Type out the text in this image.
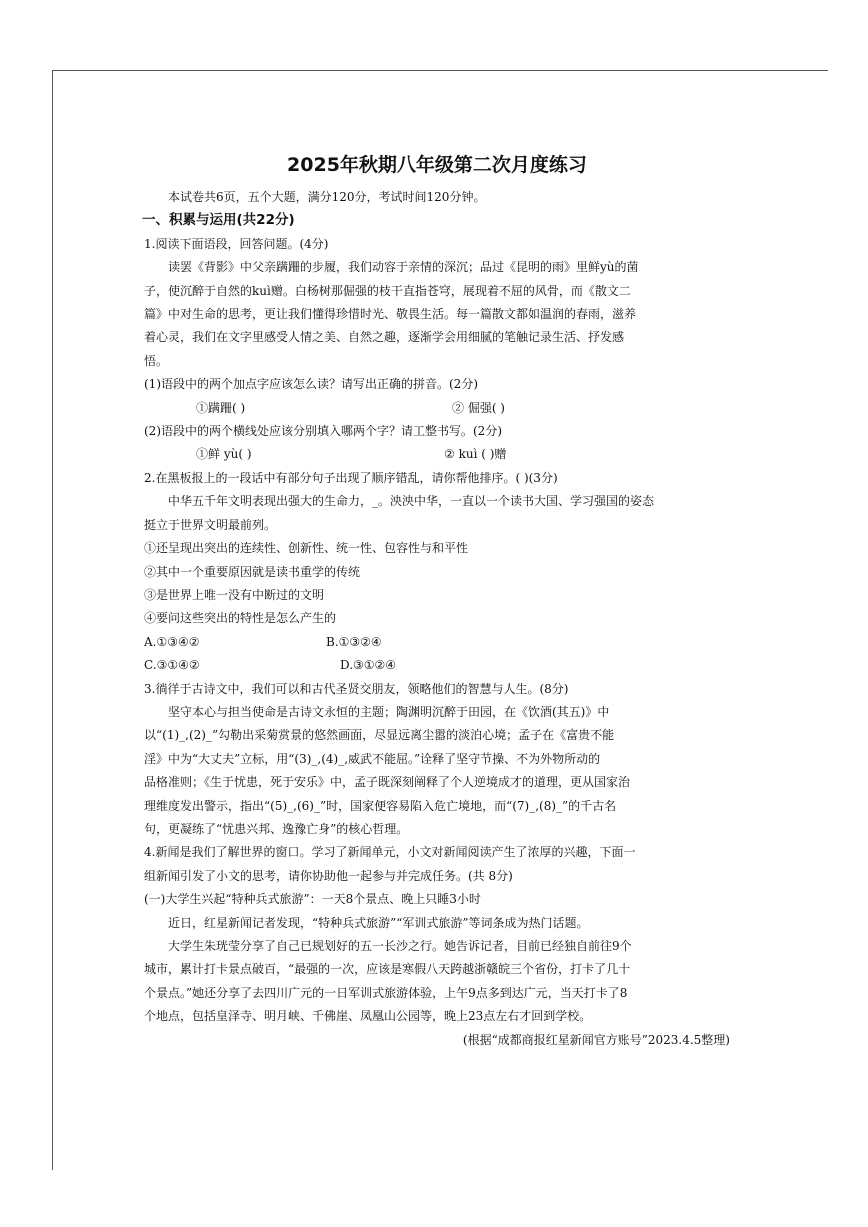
2025年秋期八年级第二次月度练习
本试卷共6页，五个大题，满分120分，考试时间120分钟。
一、积累与运用(共22分)
1.阅读下面语段，回答问题。(4分)
读罢《背影》中父亲蹒跚的步履，我们动容于亲情的深沉；品过《昆明的雨》里鲜yù的菌
子，使沉醉于自然的kuì赠。白杨树那倔强的枝干直指苍穹，展现着不屈的风骨，而《散文二
篇》中对生命的思考，更让我们懂得珍惜时光、敬畏生活。每一篇散文都如温润的春雨，滋养
着心灵，我们在文字里感受人情之美、自然之趣，逐渐学会用细腻的笔触记录生活、抒发感
悟。
(1)语段中的两个加点字应该怎么读？请写出正确的拼音。(2分)
①蹒跚( )	② 倔强( )
(2)语段中的两个横线处应该分别填入哪两个字？请工整书写。(2分)
①鲜 yù( )	② kuì ( )赠
2.在黑板报上的一段话中有部分句子出现了顺序错乱，请你帮他排序。( )(3分)
中华五千年文明表现出强大的生命力，_。泱泱中华，一直以一个读书大国、学习强国的姿态
挺立于世界文明最前列。
①还呈现出突出的连续性、创新性、统一性、包容性与和平性
②其中一个重要原因就是读书重学的传统
③是世界上唯一没有中断过的文明
④要问这些突出的特性是怎么产生的
A.①③④②	B.①③②④
C.③①④②	D.③①②④
3.徜徉于古诗文中，我们可以和古代圣贤交朋友，领略他们的智慧与人生。(8分)
坚守本心与担当使命是古诗文永恒的主题；陶渊明沉醉于田园，在《饮酒(其五)》中
以“(1)_,(2)_”勾勒出采菊赏景的悠然画面，尽显远离尘嚣的淡泊心境；孟子在《富贵不能
淫》中为“大丈夫”立标，用“(3)_,(4)_,威武不能屈。”诠释了坚守节操、不为外物所动的
品格准则；《生于忧患，死于安乐》中，孟子既深刻阐释了个人逆境成才的道理，更从国家治
理维度发出警示，指出“(5)_,(6)_”时，国家便容易陷入危亡境地，而“(7)_,(8)_”的千古名
句，更凝练了“忧患兴邦、逸豫亡身”的核心哲理。
4.新闻是我们了解世界的窗口。学习了新闻单元，小文对新闻阅读产生了浓厚的兴趣，下面一
组新闻引发了小文的思考，请你协助他一起参与并完成任务。(共 8分)
(一)大学生兴起“特种兵式旅游”：一天8个景点、晚上只睡3小时
近日，红星新闻记者发现，“特种兵式旅游”“军训式旅游”等词条成为热门话题。
大学生朱珖莹分享了自己已规划好的五一长沙之行。她告诉记者，目前已经独自前往9个
城市，累计打卡景点破百，“最强的一次，应该是寒假八天跨越浙赣皖三个省份，打卡了几十
个景点。”她还分享了去四川广元的一日军训式旅游体验，上午9点多到达广元，当天打卡了8
个地点，包括皇泽寺、明月峡、千佛崖、凤凰山公园等，晚上23点左右才回到学校。
(根据“成都商报红星新闻官方账号”2023.4.5整理)
